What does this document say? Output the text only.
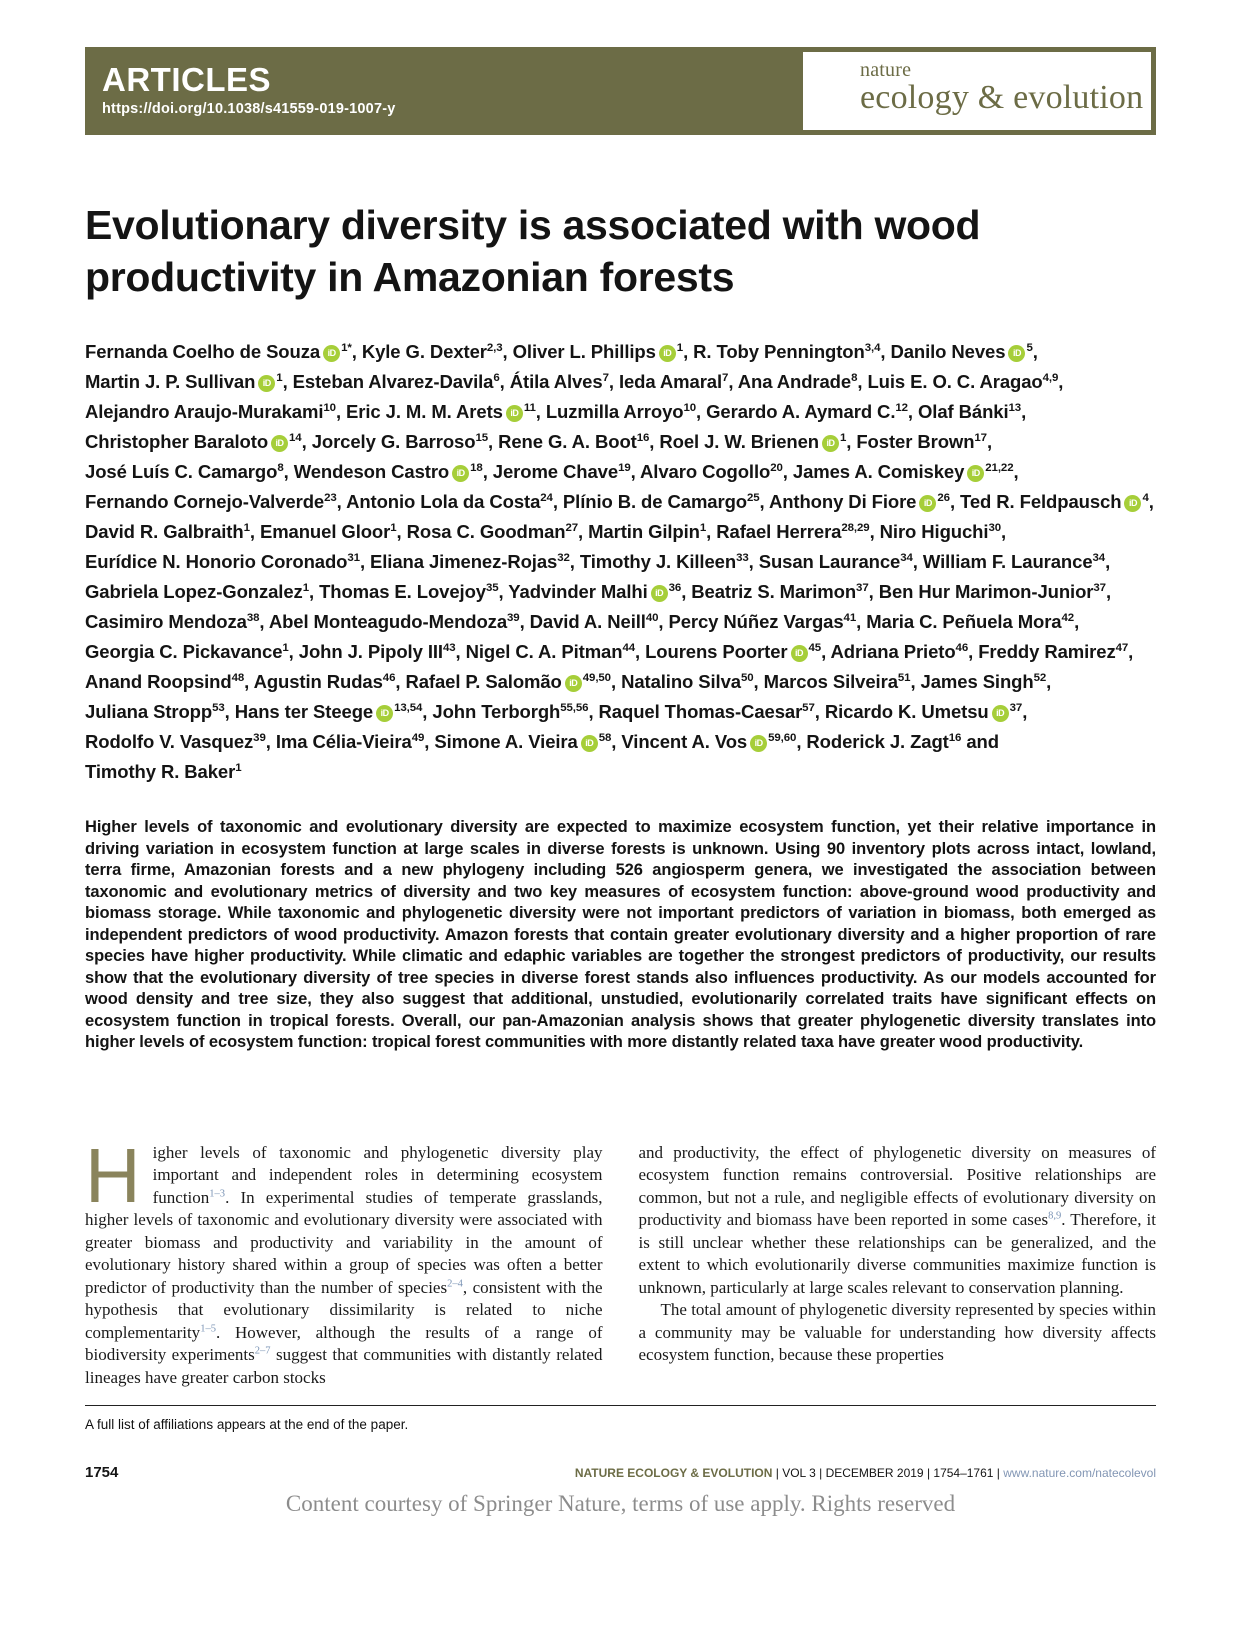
ARTICLES
https://doi.org/10.1038/s41559-019-1007-y
nature
ecology & evolution
Evolutionary diversity is associated with wood productivity in Amazonian forests
Fernanda Coelho de Souza iD $^{1*}$, Kyle G. Dexter$^{2,3}$, Oliver L. Phillips iD $^1$, R. Toby Pennington$^{3,4}$, Danilo Neves iD $^5$, Martin J. P. Sullivan iD $^1$, Esteban Alvarez-Davila$^6$, Átila Alves$^7$, Ieda Amaral$^7$, Ana Andrade$^8$, Luis E. O. C. Aragao$^{4,9}$, Alejandro Araujo-Murakami$^{10}$, Eric J. M. M. Arets iD $^{11}$, Luzmilla Arroyo$^{10}$, Gerardo A. Aymard C.$^{12}$, Olaf Bánki$^{13}$, Christopher Baraloto iD $^{14}$, Jorcely G. Barroso$^{15}$, Rene G. A. Boot$^{16}$, Roel J. W. Brienen iD $^1$, Foster Brown$^{17}$, José Luís C. Camargo$^8$, Wendeson Castro iD $^{18}$, Jerome Chave$^{19}$, Alvaro Cogollo$^{20}$, James A. Comiskey iD $^{21,22}$, Fernando Cornejo-Valverde$^{23}$, Antonio Lola da Costa$^{24}$, Plínio B. de Camargo$^{25}$, Anthony Di Fiore iD $^{26}$, Ted R. Feldpausch iD $^4$, David R. Galbraith$^1$, Emanuel Gloor$^1$, Rosa C. Goodman$^{27}$, Martin Gilpin$^1$, Rafael Herrera$^{28,29}$, Niro Higuchi$^{30}$, Eurídice N. Honorio Coronado$^{31}$, Eliana Jimenez-Rojas$^{32}$, Timothy J. Killeen$^{33}$, Susan Laurance$^{34}$, William F. Laurance$^{34}$, Gabriela Lopez-Gonzalez$^1$, Thomas E. Lovejoy$^{35}$, Yadvinder Malhi iD $^{36}$, Beatriz S. Marimon$^{37}$, Ben Hur Marimon-Junior$^{37}$, Casimiro Mendoza$^{38}$, Abel Monteagudo-Mendoza$^{39}$, David A. Neill$^{40}$, Percy Núñez Vargas$^{41}$, Maria C. Peñuela Mora$^{42}$, Georgia C. Pickavance$^1$, John J. Pipoly III$^{43}$, Nigel C. A. Pitman$^{44}$, Lourens Poorter iD $^{45}$, Adriana Prieto$^{46}$, Freddy Ramirez$^{47}$, Anand Roopsind$^{48}$, Agustin Rudas$^{46}$, Rafael P. Salomão iD $^{49,50}$, Natalino Silva$^{50}$, Marcos Silveira$^{51}$, James Singh$^{52}$, Juliana Stropp$^{53}$, Hans ter Steege iD $^{13,54}$, John Terborgh$^{55,56}$, Raquel Thomas-Caesar$^{57}$, Ricardo K. Umetsu iD $^{37}$, Rodolfo V. Vasquez$^{39}$, Ima Célia-Vieira$^{49}$, Simone A. Vieira iD $^{58}$, Vincent A. Vos iD $^{59,60}$, Roderick J. Zagt$^{16}$ and Timothy R. Baker$^1$

Higher levels of taxonomic and evolutionary diversity are expected to maximize ecosystem function, yet their relative importance in driving variation in ecosystem function at large scales in diverse forests is unknown. Using 90 inventory plots across intact, lowland, terra firme, Amazonian forests and a new phylogeny including 526 angiosperm genera, we investigated the association between taxonomic and evolutionary metrics of diversity and two key measures of ecosystem function: above-ground wood productivity and biomass storage. While taxonomic and phylogenetic diversity were not important predictors of variation in biomass, both emerged as independent predictors of wood productivity. Amazon forests that contain greater evolutionary diversity and a higher proportion of rare species have higher productivity. While climatic and edaphic variables are together the strongest predictors of productivity, our results show that the evolutionary diversity of tree species in diverse forest stands also influences productivity. As our models accounted for wood density and tree size, they also suggest that additional, unstudied, evolutionarily correlated traits have significant effects on ecosystem function in tropical forests. Overall, our pan-Amazonian analysis shows that greater phylogenetic diversity translates into higher levels of ecosystem function: tropical forest communities with more distantly related taxa have greater wood productivity.

Higher levels of taxonomic and phylogenetic diversity play important and independent roles in determining ecosystem function$^{1-3}$. In experimental studies of temperate grasslands, higher levels of taxonomic and evolutionary diversity were associated with greater biomass and productivity and variability in the amount of evolutionary history shared within a group of species was often a better predictor of productivity than the number of species$^{2-4}$, consistent with the hypothesis that evolutionary dissimilarity is related to niche complementarity$^{1-5}$. However, although the results of a range of biodiversity experiments$^{2-7}$ suggest that communities with distantly related lineages have greater carbon stocks

and productivity, the effect of phylogenetic diversity on measures of ecosystem function remains controversial. Positive relationships are common, but not a rule, and negligible effects of evolutionary diversity on productivity and biomass have been reported in some cases$^{8,9}$. Therefore, it is still unclear whether these relationships can be generalized, and the extent to which evolutionarily diverse communities maximize function is unknown, particularly at large scales relevant to conservation planning.

The total amount of phylogenetic diversity represented by species within a community may be valuable for understanding how diversity affects ecosystem function, because these properties

A full list of affiliations appears at the end of the paper.
1754	NATURE ECOLOGY & EVOLUTION | VOL 3 | DECEMBER 2019 | 1754–1761 | www.nature.com/natecolevol
Content courtesy of Springer Nature, terms of use apply. Rights reserved
